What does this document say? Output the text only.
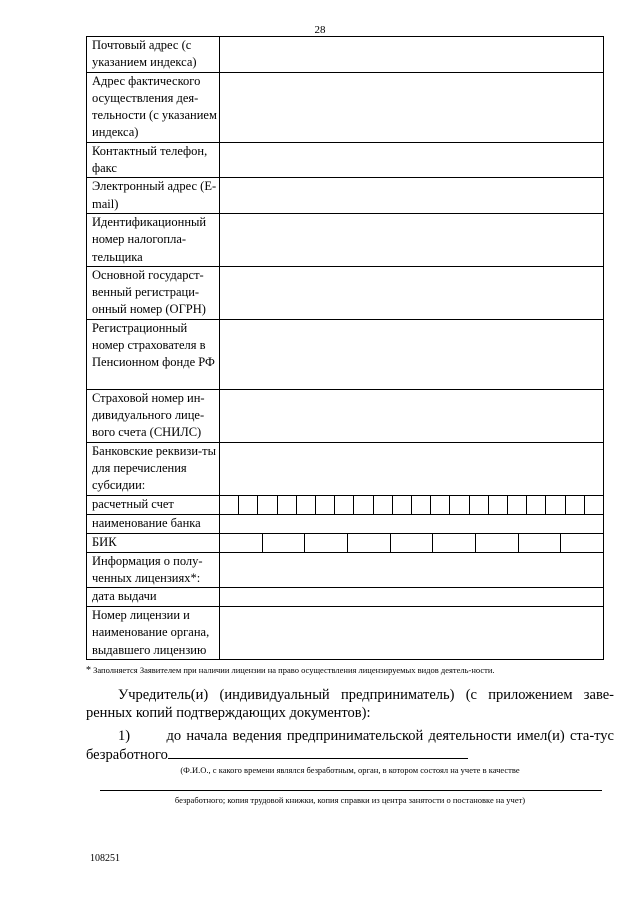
28
Почтовый адрес (с указанием индекса)	
Адрес фактического осуществления дея-тельности (с указанием индекса)	
Контактный телефон, факс	
Электронный адрес (E-mail)	
Идентификационный номер налогопла-тельщика	
Основной государст-венный регистраци-онный номер (ОГРН)	
Регистрационный номер страхователя в Пенсионном фонде РФ	
Страховой номер ин-дивидуального лице-вого счета (СНИЛС)	
Банковские реквизи-ты для перечисления субсидии:	
расчетный счет	

наименование банка	
БИК	

Информация о полу-ченных лицензиях*:	
дата выдачи	
Номер лицензии и наименование органа, выдавшего лицензию	
* Заполняется Заявителем при наличии лицензии на право осуществления лицензируемых видов деятель-ности.
Учредитель(и) (индивидуальный предприниматель) (с приложением заве-ренных копий подтверждающих документов):
1)	до начала ведения предпринимательской деятельности имел(и) ста-тус безработного
(Ф.И.О., с какого времени являлся безработным, орган, в котором состоял на учете в качестве
безработного; копия трудовой книжки, копия справки из центра занятости о постановке на учет)
108251
